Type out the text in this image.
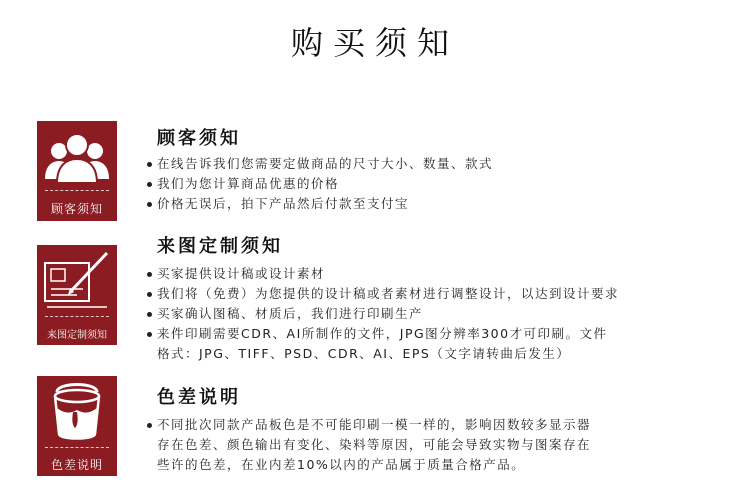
购买须知
顾客须知
顾客须知
在线告诉我们您需要定做商品的尺寸大小、数量、款式
我们为您计算商品优惠的价格
价格无误后，拍下产品然后付款至支付宝
来图定制须知
来图定制须知
买家提供设计稿或设计素材
我们将（免费）为您提供的设计稿或者素材进行调整设计，以达到设计要求
买家确认图稿、材质后，我们进行印刷生产
来件印刷需要CDR、AI所制作的文件，JPG图分辨率300才可印刷。文件
格式：JPG、TIFF、PSD、CDR、AI、EPS（文字请转曲后发生）
色差说明
色差说明
不同批次同款产品板色是不可能印刷一模一样的，影响因数较多显示器
存在色差、颜色输出有变化、染料等原因，可能会导致实物与图案存在
些许的色差，在业内差10%以内的产品属于质量合格产品。
